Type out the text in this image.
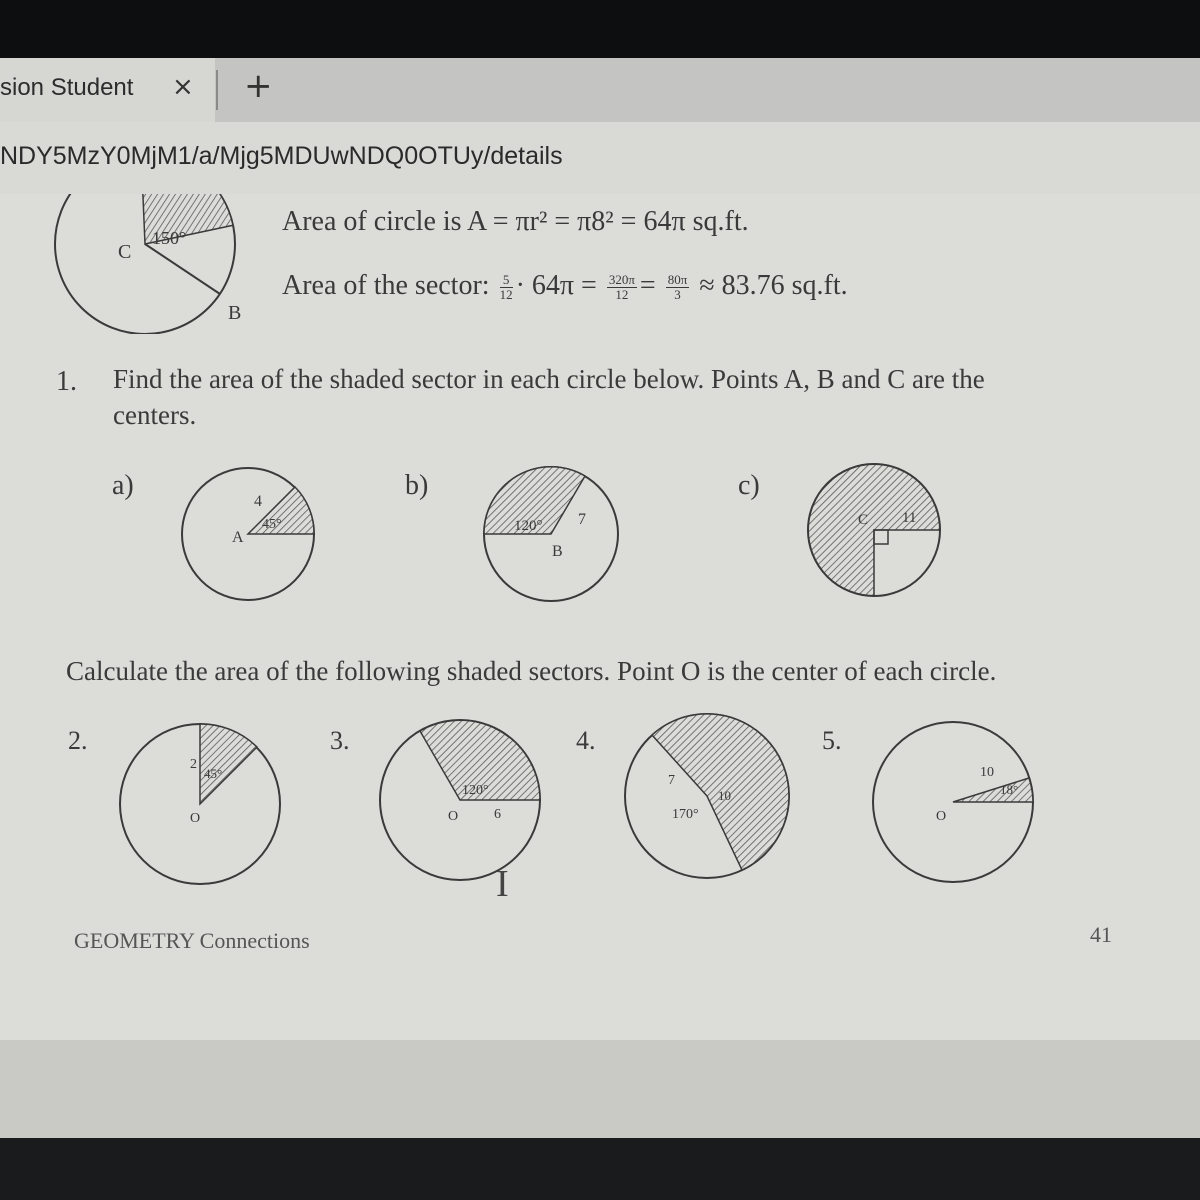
sion Student × +
NDY5MzY0MjM1/a/Mjg5MDUwNDQ0OTUy/details
C
150°
B
Area of circle is A = πr² = π8² = 64π sq.ft.
Area of the sector: $\frac{5}{12} \cdot 64\pi = \frac{320\pi}{12} = \frac{80\pi}{3} \approx 83.76$ sq.ft.
1. Find the area of the shaded sector in each circle below. Points A, B and C are the
centers.
a)	b)	c)
A
4
45°	120° 7
B
C 11
Calculate the area of the following shaded sectors. Point O is the center of each circle.
2.	3.	4.	5.
2
45°
O
120°
O	6
7
10
170°
10
18°
O
I
GEOMETRY Connections	41
